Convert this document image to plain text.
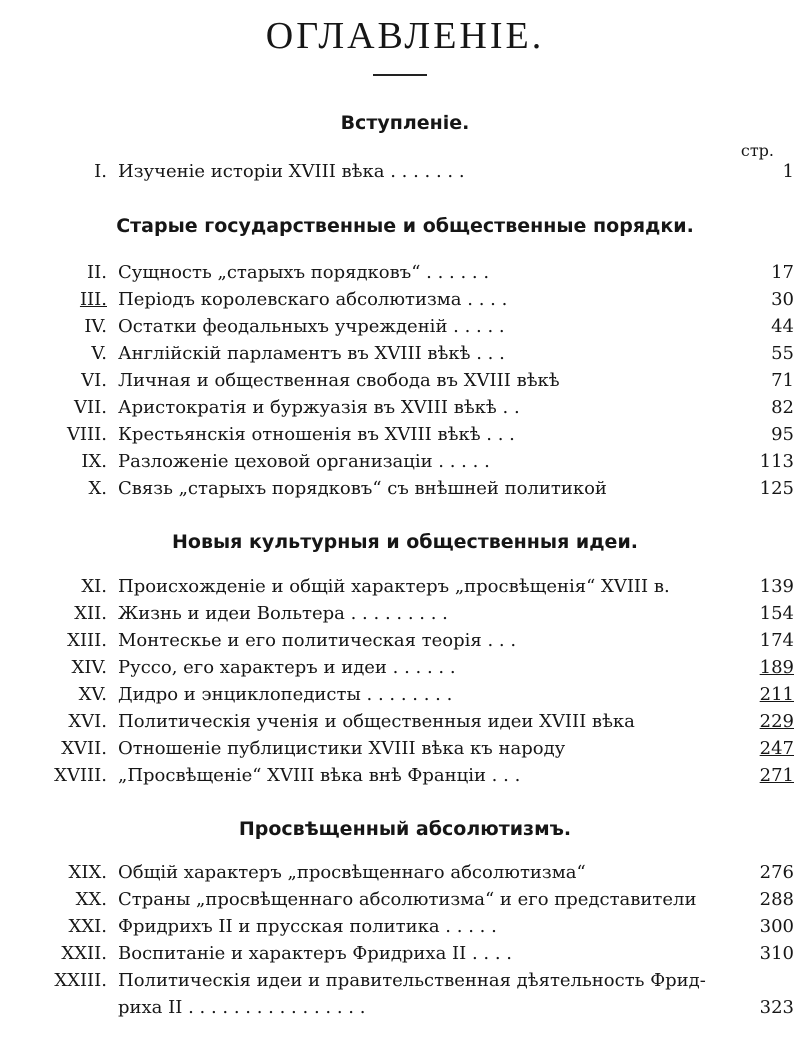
ОГЛАВЛЕНІЕ.
Вступленіе.
стр.
I. Изученіе исторіи XVIII вѣка . . . . . . .	1
Старые государственные и общественные порядки.
II. Сущность „старыхъ порядковъ“ . . . . . .	17
III. Періодъ королевскаго абсолютизма . . . .	30
IV. Остатки феодальныхъ учрежденій . . . . .	44
V. Англійскій парламентъ въ XVIII вѣкѣ . . .	55
VI. Личная и общественная свобода въ XVIII вѣкѣ	71
VII. Аристократія и буржуазія въ XVIII вѣкѣ . .	82
VIII. Крестьянскія отношенія въ XVIII вѣкѣ . . .	95
IX. Разложеніе цеховой организаціи . . . . .	113
X. Связь „старыхъ порядковъ“ съ внѣшней политикой	125
Новыя культурныя и общественныя идеи.
XI. Происхожденіе и общій характеръ „просвѣщенія“ XVIII в.	139
XII. Жизнь и идеи Вольтера . . . . . . . . .	154
XIII. Монтескье и его политическая теорія . . .	174
XIV. Руссо, его характеръ и идеи . . . . . .	189
XV. Дидро и энциклопедисты . . . . . . . .	211
XVI. Политическія ученія и общественныя идеи XVIII вѣка	229
XVII. Отношеніе публицистики XVIII вѣка къ народу	247
XVIII. „Просвѣщеніе“ XVIII вѣка внѣ Франціи . . .	271
Просвѣщенный абсолютизмъ.
XIX. Общій характеръ „просвѣщеннаго абсолютизма“	276
XX. Страны „просвѣщеннаго абсолютизма“ и его представители	288
XXI. Фридрихъ II и прусская политика . . . . .	300
XXII. Воспитаніе и характеръ Фридриха II . . . .	310
XXIII. Политическія идеи и правительственная дѣятельность Фрид-
риха II . . . . . . . . . . . . . . . .	323
